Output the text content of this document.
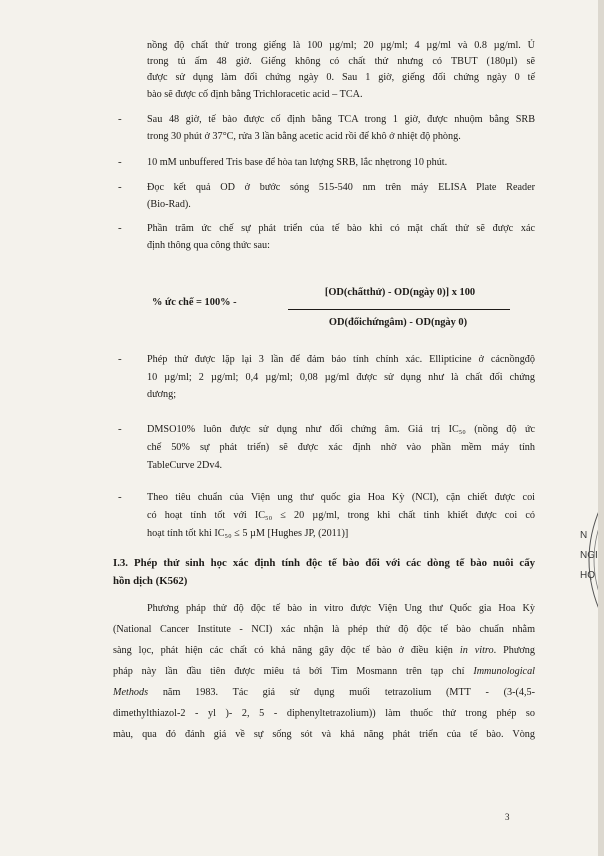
nồng độ chất thử trong giếng là 100 µg/ml; 20 µg/ml; 4 µg/ml và 0.8 µg/ml. Ủ
trong tủ ấm 48 giờ. Giếng không có chất thử nhưng có TBUT (180µl) sẽ
được sử dụng làm đối chứng ngày 0. Sau 1 giờ, giếng đối chứng ngày 0 tế
bào sẽ được cố định bằng Trichloracetic acid – TCA.
- Sau 48 giờ, tế bào được cố định bằng TCA trong 1 giờ, được nhuộm bằng SRB
trong 30 phút ở 37°C, rửa 3 lần bằng acetic acid rồi để khô ở nhiệt độ phòng.
- 10 mM unbuffered Tris base để hòa tan lượng SRB, lắc nhẹtrong 10 phút.
- Đọc kết quả OD ở bước sóng 515-540 nm trên máy ELISA Plate Reader
(Bio-Rad).
- Phần trăm ức chế sự phát triển của tế bào khi có mặt chất thử sẽ được xác
định thông qua công thức sau:
% ức chế = 100% -
[OD(chấtthử) - OD(ngày 0)] x 100
OD(đốichứngâm) - OD(ngày 0)
- Phép thử được lặp lại 3 lần để đảm bảo tính chính xác. Ellipticine ở cácnồngđộ
10 µg/ml; 2 µg/ml; 0,4 µg/ml; 0,08 µg/ml được sử dụng như là chất đối chứng
dương;
- DMSO10% luôn được sử dụng như đối chứng âm. Giá trị IC₅₀ (nồng độ ức
chế 50% sự phát triển) sẽ được xác định nhờ vào phần mềm máy tính
TableCurve 2Dv4.
- Theo tiêu chuẩn của Viện ung thư quốc gia Hoa Kỳ (NCI), cặn chiết được coi
có hoạt tính tốt với IC₅₀ ≤ 20 µg/ml, trong khi chất tinh khiết được coi có
hoạt tính tốt khi IC₅₀ ≤ 5 µM [Hughes JP, (2011)]
I.3. Phép thử sinh học xác định tính độc tế bào đối với các dòng tế bào nuôi cấy
hồn dịch (K562)
Phương pháp thử độ độc tế bào in vitro được Viện Ung thư Quốc gia Hoa Kỳ
(National Cancer Institute - NCI) xác nhận là phép thử độ độc tế bào chuẩn nhằm
sàng lọc, phát hiện các chất có khả năng gây độc tế bào ở điều kiện in vitro. Phương
pháp này lần đầu tiên được miêu tả bởi Tim Mosmann trên tạp chí Immunological
Methods năm 1983. Tác giả sử dụng muối tetrazolium (MTT - (3-(4,5-
dimethylthiazol-2 - yl )- 2, 5 - diphenyltetrazolium)) làm thuốc thử trong phép so
màu, qua đó đánh giá về sự sống sót và khả năng phát triển của tế bào. Vòng
3
N
NGI
HỌ
